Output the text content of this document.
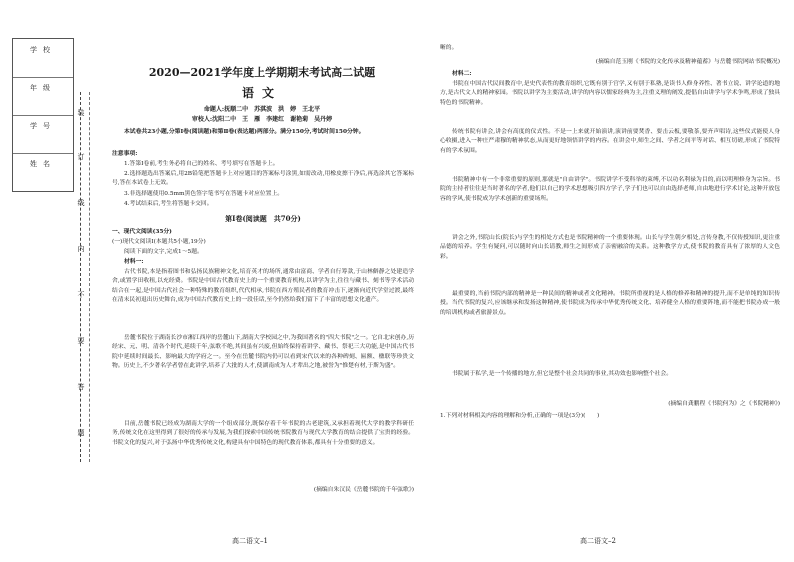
学校
年级
学号
姓名
装
订
线
内
不
要
答
题
2020—2021学年度上学期期末考试高二试题
语文
命题人:抚顺二中　苏淇波　洪　婷　王北平
审校人:沈阳二中　王　雁　李建红　谢艳菊　吴丹婷

本试卷共23小题,分第Ⅰ卷(阅读题)和第Ⅱ卷(表达题)两部分。满分150分,考试时间150分钟。

注意事项:

1.答第Ⅰ卷前,考生务必将自己的姓名、考号填写在答题卡上。

2.选择题选出答案后,用2B铅笔把答题卡上对应题目的答案标号涂黑,如需改动,用橡皮擦干净后,再选涂其它答案标号,答在本试卷上无效。

3.非选择题使用0.5mm黑色签字笔书写在答题卡对应位置上。

4.考试结束后,考生将答题卡交回。

第Ⅰ卷(阅读题　共70分)

一、现代文阅读(35分)

(一)现代文阅读Ⅰ(本题共5小题,19分)

阅读下面的文字,完成1～5题。

材料一:

古代书院,本是指着图书和弘扬民族精神文化,培育英才的场所,通常由富商、学者自行筹款,于山林僻静之处建造学舍,或置学田收租,以充经费。书院是中国古代教育史上的一个重要教育机构,以讲学为主,往往与藏书、刻书等学术活动结合在一起,是中国古代社会一种特殊的教育组织,代代相承,书院在西方殖民者的教育冲击下,逐渐向近代学堂过渡,最终在清末民初退出历史舞台,成为中国古代教育史上的一段佳话,至今仍然给我们留下了丰富的思想文化遗产。

岳麓书院位于湖南长沙市湘江西岸的岳麓山下,湖南大学校园之中,为我国著名的"四大书院"之一。它自北宋创办,历经宋、元、明、清各个时代,延续千年,弦歌不绝,其间虽有兴废,但始终保持着讲学、藏书、祭祀三大功能,是中国古代书院中延续时间最长、影响最大的学府之一。至今在岳麓书院内仍可以看到宋代以来的各种碑刻、匾额、楹联等珍贵文物。历史上,不少著名学者曾在此讲学,培养了大批的人才,使湖南成为人才辈出之地,被誉为"惟楚有材,于斯为盛"。

目前,岳麓书院已经成为湖南大学的一个组成部分,既保存着千年书院的古老建筑,又承担着现代大学的教学科研任务,传统文化在这里得到了很好的传承与发展,为我们探索中国传统书院教育与现代大学教育的结合提供了宝贵的经验。书院文化的复兴,对于弘扬中华优秀传统文化,构建具有中国特色的现代教育体系,都具有十分重要的意义。

(摘编自朱汉民《岳麓书院的千年弦歌》)

高二语文–1

晰的。

(摘编自范玉刚《书院的文化传承及精神蕴蓄》与岳麓书院网站书院概况)

材料二:

书院在中国古代民间教育中,是史代表性的教育组织,它既有别于官学,又有别于私塾,是读书人修身养性、著书立说、讲学论道的地方,是古代文人的精神家园。书院以讲学为主要活动,讲学的内容以儒家经典为主,注重义理的阐发,提倡自由讲学与学术争鸣,形成了独具特色的书院精神。

传统书院有讲会,讲会有高度的仪式性。不是一上来就开始演讲,演讲前要焚香、要击云板,要敬茶,要齐声唱诗,这些仪式能使人身心收摄,进入一种庄严肃穆的精神状态,从而更好地领悟讲学的内容。在讲会中,师生之间、学者之间平等对话、相互切磋,形成了书院特有的学术氛围。

书院精神中有一个非常重要的原则,那就是"自由讲学"。书院讲学不受科举的束缚,不以功名利禄为目的,而以明理修身为宗旨。书院的主持者往往是当时著名的学者,他们以自己的学术思想吸引四方学子,学子们也可以自由选择老师,自由地进行学术讨论,这种开放包容的学风,使书院成为学术创新的重要场所。

讲会之外,书院山长(院长)与学生的相处方式也是书院精神的一个重要体现。山长与学生朝夕相处,言传身教,不仅传授知识,更注重品德的培养。学生有疑问,可以随时向山长请教,师生之间形成了亲密融洽的关系。这种教学方式,使书院的教育具有了浓厚的人文色彩。

最重要的,当前书院内部的精神是一种民间的精神或者文化精神。书院所重视的是人格的修养和精神的提升,而不是单纯的知识传授。当代书院的复兴,应该继承和发扬这种精神,使书院成为传承中华优秀传统文化、培养健全人格的重要阵地,而不能把书院办成一般的培训机构或者旅游景点。

书院属于私学,是一个传播的地方,但它是整个社会共同的事业,其功效也影响整个社会。

(摘编自龚鹏程《书院何为》之《书院精神》)

1.下列对材料相关内容的理解和分析,正确的一项是(3分)(　　)

高二语文–2
